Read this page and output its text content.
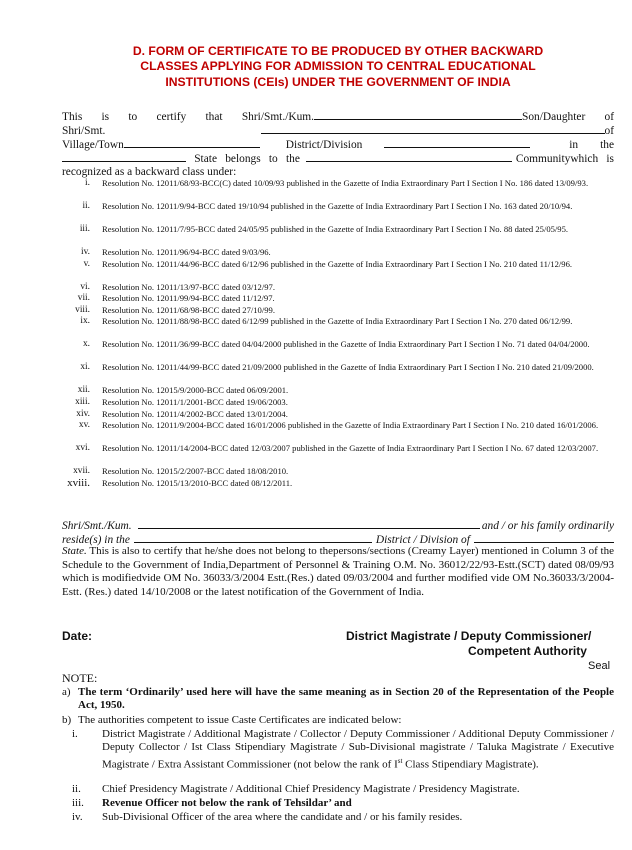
D. FORM OF CERTIFICATE TO BE PRODUCED BY OTHER BACKWARD
CLASSES APPLYING FOR ADMISSION TO CENTRAL EDUCATIONAL
INSTITUTIONS (CEIs) UNDER THE GOVERNMENT OF INDIA
This is to certify that Shri/Smt./Kum.	Son/Daughter of
Shri/Smt.	of
Village/Town	District/Division	in the
State belongs to the	Communitywhich is
recognized as a backward class under:
i. Resolution No. 12011/68/93-BCC(C) dated 10/09/93 published in the Gazette of India Extraordinary Part I Section I No. 186 dated 13/09/93.
ii. Resolution No. 12011/9/94-BCC dated 19/10/94 published in the Gazette of India Extraordinary Part I Section I No. 163 dated 20/10/94.
iii. Resolution No. 12011/7/95-BCC dated 24/05/95 published in the Gazette of India Extraordinary Part I Section I No. 88 dated 25/05/95.
iv. Resolution No. 12011/96/94-BCC dated 9/03/96.
v. Resolution No. 12011/44/96-BCC dated 6/12/96 published in the Gazette of India Extraordinary Part I Section I No. 210 dated 11/12/96.
vi. Resolution No. 12011/13/97-BCC dated 03/12/97.
vii. Resolution No. 12011/99/94-BCC dated 11/12/97.
viii. Resolution No. 12011/68/98-BCC dated 27/10/99.
ix. Resolution No. 12011/88/98-BCC dated 6/12/99 published in the Gazette of India Extraordinary Part I Section I No. 270 dated 06/12/99.
x. Resolution No. 12011/36/99-BCC dated 04/04/2000 published in the Gazette of India Extraordinary Part I Section I No. 71 dated 04/04/2000.
xi. Resolution No. 12011/44/99-BCC dated 21/09/2000 published in the Gazette of India Extraordinary Part I Section I No. 210 dated 21/09/2000.
xii. Resolution No. 12015/9/2000-BCC dated 06/09/2001.
xiii. Resolution No. 12011/1/2001-BCC dated 19/06/2003.
xiv. Resolution No. 12011/4/2002-BCC dated 13/01/2004.
xv. Resolution No. 12011/9/2004-BCC dated 16/01/2006 published in the Gazette of India Extraordinary Part I Section I No. 210 dated 16/01/2006.
xvi. Resolution No. 12011/14/2004-BCC dated 12/03/2007 published in the Gazette of India Extraordinary Part I Section I No. 67 dated 12/03/2007.
xvii. Resolution No. 12015/2/2007-BCC dated 18/08/2010.
xviii. Resolution No. 12015/13/2010-BCC dated 08/12/2011.
Shri/Smt./Kum.	and / or his family ordinarily
reside(s) in the	District / Division of
State. This is also to certify that he/she does not belong to thepersons/sections (Creamy Layer) mentioned in Column 3 of the Schedule to the Government of India,Department of Personnel & Training O.M. No. 36012/22/93-Estt.(SCT) dated 08/09/93 which is modifiedvide OM No. 36033/3/2004 Estt.(Res.) dated 09/03/2004 and further modified vide OM No.36033/3/2004-Estt. (Res.) dated 14/10/2008 or the latest notification of the Government of India.
Date:	District Magistrate / Deputy Commissioner/
Competent Authority
Seal
NOTE:
a) The term ‘Ordinarily’ used here will have the same meaning as in Section 20 of the Representation of the People Act, 1950.
b) The authorities competent to issue Caste Certificates are indicated below:
i. District Magistrate / Additional Magistrate / Collector / Deputy Commissioner / Additional Deputy Commissioner / Deputy Collector / Ist Class Stipendiary Magistrate / Sub-Divisional magistrate / Taluka Magistrate / Executive Magistrate / Extra Assistant Commissioner (not below the rank of Ist Class Stipendiary Magistrate).
ii. Chief Presidency Magistrate / Additional Chief Presidency Magistrate / Presidency Magistrate.
iii. Revenue Officer not below the rank of Tehsildar’ and
iv. Sub-Divisional Officer of the area where the candidate and / or his family resides.
